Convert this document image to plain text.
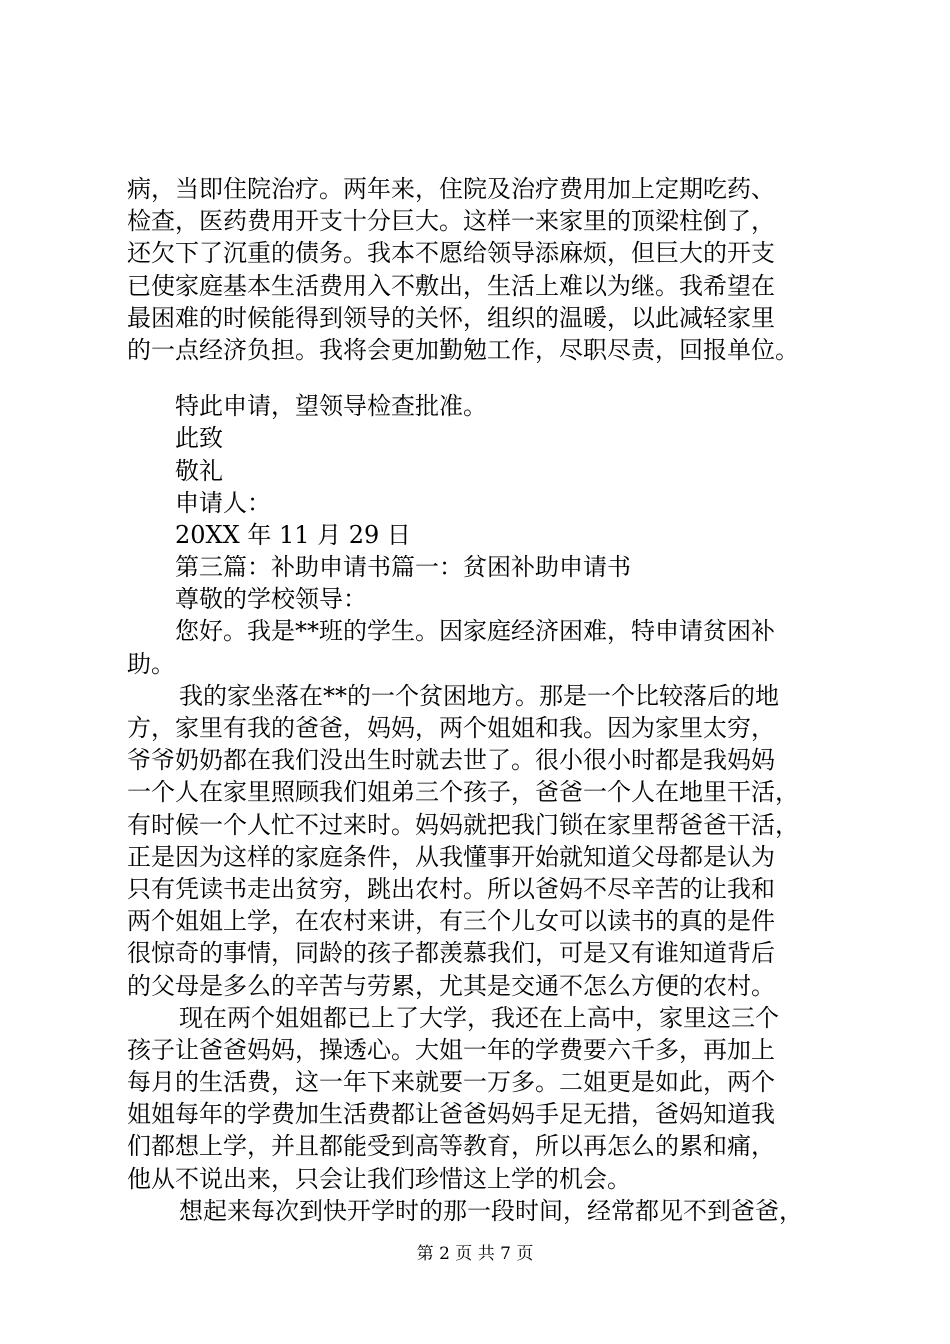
病，当即住院治疗。两年来，住院及治疗费用加上定期吃药、
检查，医药费用开支十分巨大。这样一来家里的顶梁柱倒了，
还欠下了沉重的债务。我本不愿给领导添麻烦，但巨大的开支
已使家庭基本生活费用入不敷出，生活上难以为继。我希望在
最困难的时候能得到领导的关怀，组织的温暖，以此减轻家里
的一点经济负担。我将会更加勤勉工作，尽职尽责，回报单位。
特此申请，望领导检查批准。
此致
敬礼
申请人：
20XX 年 11 月 29 日
第三篇：补助申请书篇一：贫困补助申请书
尊敬的学校领导：
您好。我是**班的学生。因家庭经济困难，特申请贫困补
助。
我的家坐落在**的一个贫困地方。那是一个比较落后的地
方，家里有我的爸爸，妈妈，两个姐姐和我。因为家里太穷，
爷爷奶奶都在我们没出生时就去世了。很小很小时都是我妈妈
一个人在家里照顾我们姐弟三个孩子，爸爸一个人在地里干活，
有时候一个人忙不过来时。妈妈就把我门锁在家里帮爸爸干活，
正是因为这样的家庭条件，从我懂事开始就知道父母都是认为
只有凭读书走出贫穷，跳出农村。所以爸妈不尽辛苦的让我和
两个姐姐上学，在农村来讲，有三个儿女可以读书的真的是件
很惊奇的事情，同龄的孩子都羡慕我们，可是又有谁知道背后
的父母是多么的辛苦与劳累，尤其是交通不怎么方便的农村。
现在两个姐姐都已上了大学，我还在上高中，家里这三个
孩子让爸爸妈妈，操透心。大姐一年的学费要六千多，再加上
每月的生活费，这一年下来就要一万多。二姐更是如此，两个
姐姐每年的学费加生活费都让爸爸妈妈手足无措，爸妈知道我
们都想上学，并且都能受到高等教育，所以再怎么的累和痛，
他从不说出来，只会让我们珍惜这上学的机会。
想起来每次到快开学时的那一段时间，经常都见不到爸爸，
第 2 页 共 7 页
